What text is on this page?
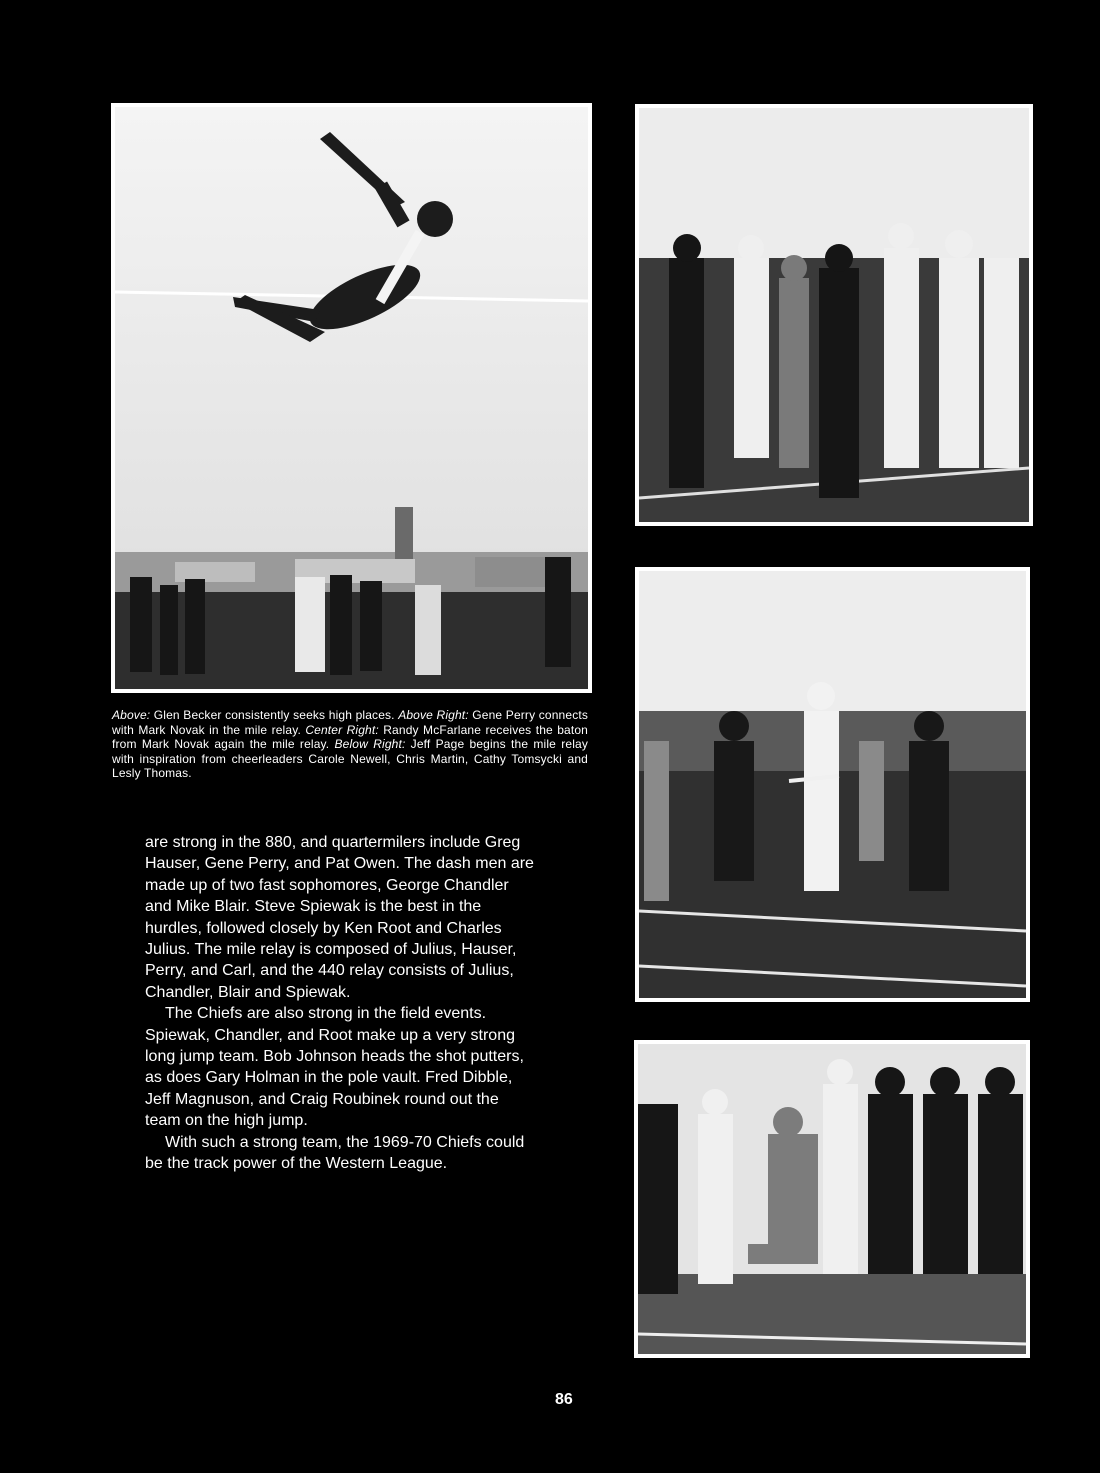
Above: Glen Becker consistently seeks high places. Above Right: Gene Perry connects with Mark Novak in the mile relay. Center Right: Randy McFarlane receives the baton from Mark Novak again the mile relay. Below Right: Jeff Page begins the mile relay with inspiration from cheerleaders Carole Newell, Chris Martin, Cathy Tomsycki and Lesly Thomas.

are strong in the 880, and quartermilers include Greg Hauser, Gene Perry, and Pat Owen. The dash men are made up of two fast sophomores, George Chandler and Mike Blair. Steve Spiewak is the best in the hurdles, followed closely by Ken Root and Charles Julius. The mile relay is composed of Julius, Hauser, Perry, and Carl, and the 440 relay consists of Julius, Chandler, Blair and Spiewak.

The Chiefs are also strong in the field events. Spiewak, Chandler, and Root make up a very strong long jump team. Bob Johnson heads the shot putters, as does Gary Holman in the pole vault. Fred Dibble, Jeff Magnuson, and Craig Roubinek round out the team on the high jump.

With such a strong team, the 1969-70 Chiefs could be the track power of the Western League.

86
